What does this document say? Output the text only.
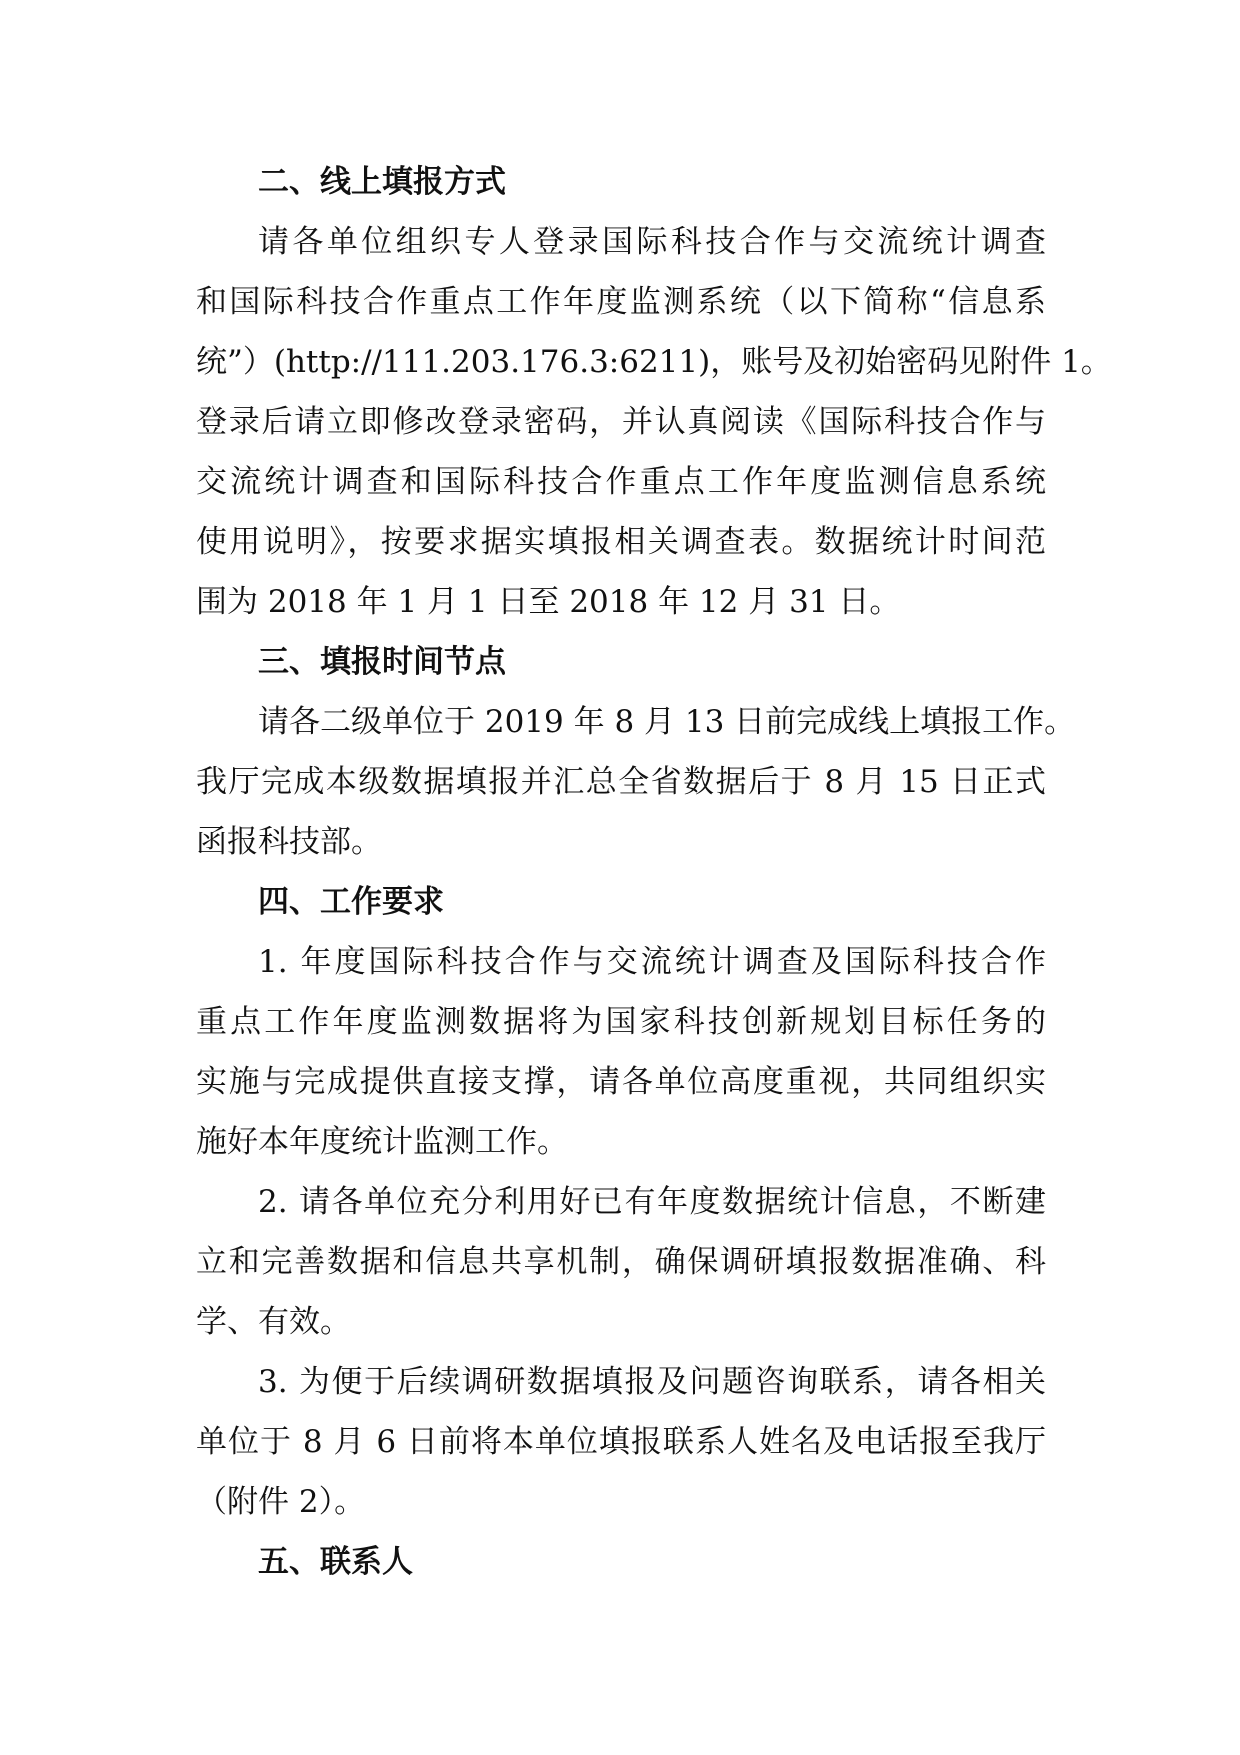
二、线上填报方式
请各单位组织专人登录国际科技合作与交流统计调查
和国际科技合作重点工作年度监测系统（以下简称“信息系
统”）(http://111.203.176.3:6211)，账号及初始密码见附件 1。
登录后请立即修改登录密码，并认真阅读《国际科技合作与
交流统计调查和国际科技合作重点工作年度监测信息系统
使用说明》，按要求据实填报相关调查表。数据统计时间范
围为 2018 年 1 月 1 日至 2018 年 12 月 31 日。
三、填报时间节点
请各二级单位于 2019 年 8 月 13 日前完成线上填报工作。
我厅完成本级数据填报并汇总全省数据后于 8 月 15 日正式
函报科技部。
四、工作要求
1. 年度国际科技合作与交流统计调查及国际科技合作
重点工作年度监测数据将为国家科技创新规划目标任务的
实施与完成提供直接支撑，请各单位高度重视，共同组织实
施好本年度统计监测工作。
2. 请各单位充分利用好已有年度数据统计信息，不断建
立和完善数据和信息共享机制，确保调研填报数据准确、科
学、有效。
3. 为便于后续调研数据填报及问题咨询联系，请各相关
单位于 8 月 6 日前将本单位填报联系人姓名及电话报至我厅
（附件 2）。
五、联系人
